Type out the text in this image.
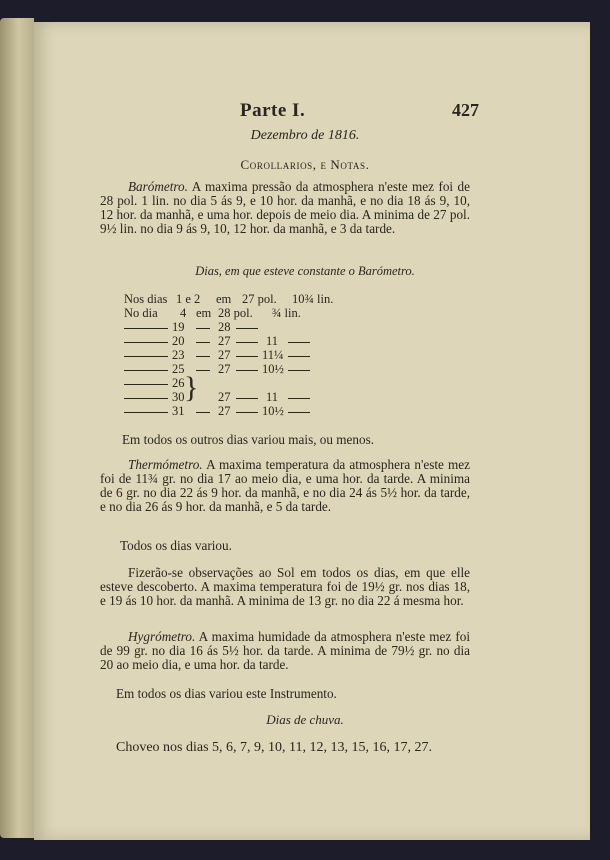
Parte I.	427
Dezembro de 1816.
Corollarios, e Notas.
Barómetro. A maxima pressão da atmosphera n'este mez foi de 28 pol. 1 lin. no dia 5 ás 9, e 10 hor. da manhã, e no dia 18 ás 9, 10, 12 hor. da manhã, e uma hor. depois de meio dia. A minima de 27 pol. 9½ lin. no dia 9 ás 9, 10, 12 hor. da manhã, e 3 da tarde.
Dias, em que esteve constante o Barómetro.
Nos dias 1 e 2 em 27 pol. 10¾ lin.
No dia 4 em 28 pol. ¾ lin.
19	28
20	27	11
23	27	11¼
25	27	10½
26
30	27	11
31	27	10½
}
Em todos os outros dias variou mais, ou menos.
Thermómetro. A maxima temperatura da atmosphera n'este mez foi de 11¾ gr. no dia 17 ao meio dia, e uma hor. da tarde. A minima de 6 gr. no dia 22 ás 9 hor. da manhã, e no dia 24 ás 5½ hor. da tarde, e no dia 26 ás 9 hor. da manhã, e 5 da tarde.
Todos os dias variou.
Fizerão-se observações ao Sol em todos os dias, em que elle esteve descoberto. A maxima temperatura foi de 19½ gr. nos dias 18, e 19 ás 10 hor. da manhã. A minima de 13 gr. no dia 22 á mesma hor.
Hygrómetro. A maxima humidade da atmosphera n'este mez foi de 99 gr. no dia 16 ás 5½ hor. da tarde. A minima de 79½ gr. no dia 20 ao meio dia, e uma hor. da tarde.
Em todos os dias variou este Instrumento.
Dias de chuva.
Choveo nos dias 5, 6, 7, 9, 10, 11, 12, 13, 15, 16, 17, 27.
